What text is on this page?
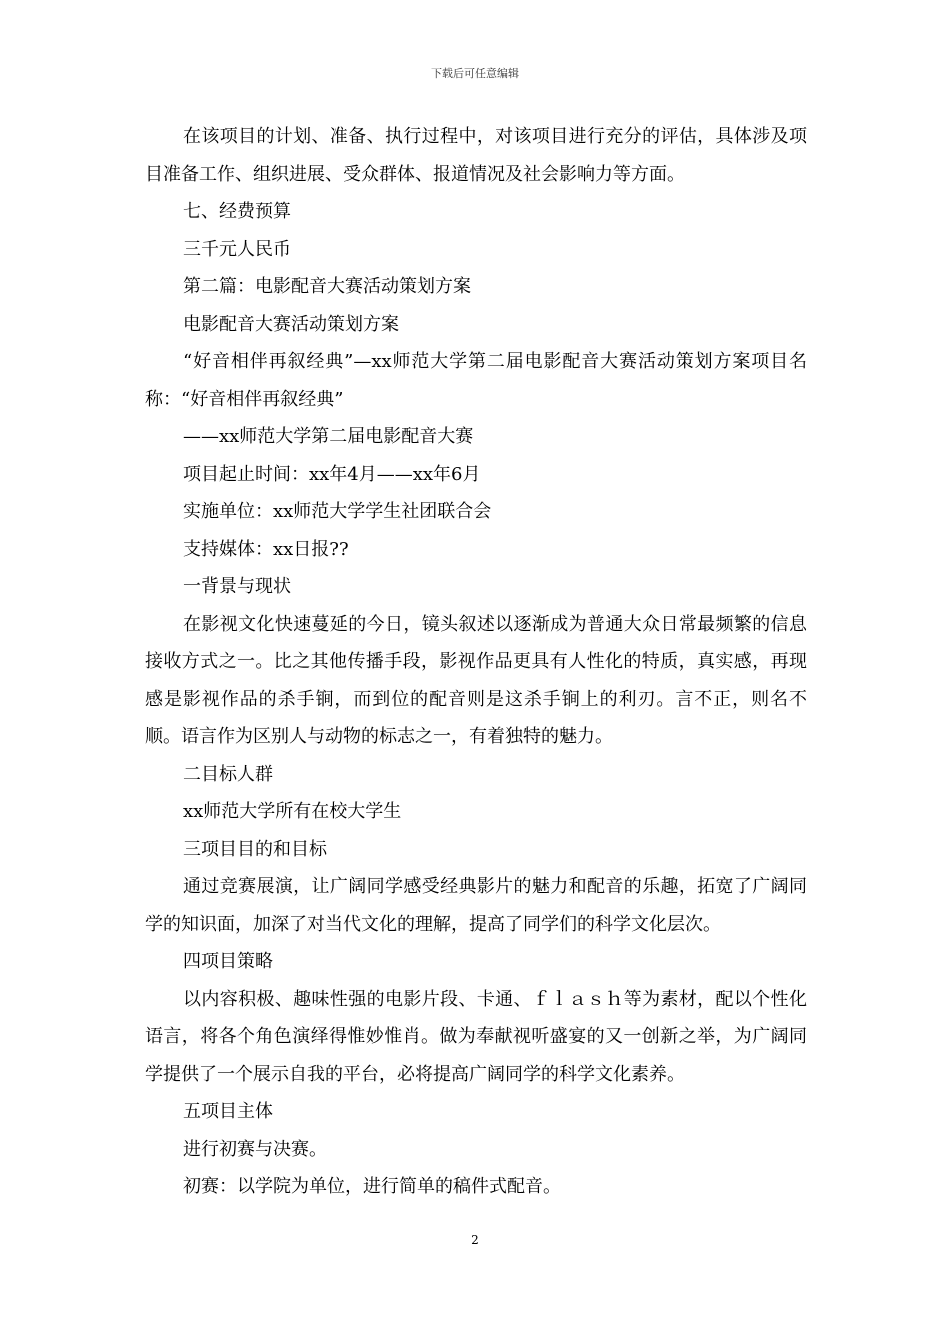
下载后可任意编辑

在该项目的计划、准备、执行过程中，对该项目进行充分的评估，具体涉及项目准备工作、组织进展、受众群体、报道情况及社会影响力等方面。

七、经费预算

三千元人民币

第二篇：电影配音大赛活动策划方案

电影配音大赛活动策划方案

“好音相伴再叙经典”—xx师范大学第二届电影配音大赛活动策划方案项目名称：“好音相伴再叙经典”

——xx师范大学第二届电影配音大赛

项目起止时间：xx年4月——xx年6月

实施单位：xx师范大学学生社团联合会

支持媒体：xx日报??

一背景与现状

在影视文化快速蔓延的今日，镜头叙述以逐渐成为普通大众日常最频繁的信息接收方式之一。比之其他传播手段，影视作品更具有人性化的特质，真实感，再现感是影视作品的杀手锏，而到位的配音则是这杀手锏上的利刃。言不正，则名不顺。语言作为区别人与动物的标志之一，有着独特的魅力。

二目标人群

xx师范大学所有在校大学生

三项目目的和目标

通过竞赛展演，让广阔同学感受经典影片的魅力和配音的乐趣，拓宽了广阔同学的知识面，加深了对当代文化的理解，提高了同学们的科学文化层次。

四项目策略

以内容积极、趣味性强的电影片段、卡通、ｆｌａｓｈ等为素材，配以个性化语言，将各个角色演绎得惟妙惟肖。做为奉献视听盛宴的又一创新之举，为广阔同学提供了一个展示自我的平台，必将提高广阔同学的科学文化素养。

五项目主体

进行初赛与决赛。

初赛：以学院为单位，进行简单的稿件式配音。

2
